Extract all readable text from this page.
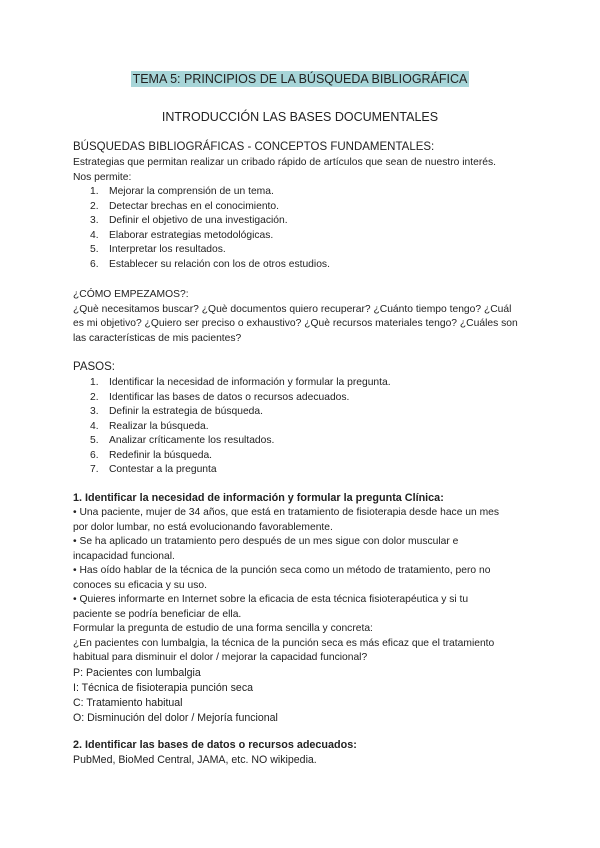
TEMA 5: PRINCIPIOS DE LA BÚSQUEDA BIBLIOGRÁFICA
INTRODUCCIÓN LAS BASES DOCUMENTALES

BÚSQUEDAS BIBLIOGRÁFICAS - CONCEPTOS FUNDAMENTALES:

Estrategias que permitan realizar un cribado rápido de artículos que sean de nuestro interés.

Nos permite:

1. Mejorar la comprensión de un tema.
2. Detectar brechas en el conocimiento.
3. Definir el objetivo de una investigación.
4. Elaborar estrategias metodológicas.
5. Interpretar los resultados.
6. Establecer su relación con los de otros estudios.

¿CÓMO EMPEZAMOS?:

¿Què necesitamos buscar? ¿Què documentos quiero recuperar? ¿Cuánto tiempo tengo? ¿Cuál

es mi objetivo? ¿Quiero ser preciso o exhaustivo? ¿Què recursos materiales tengo? ¿Cuáles son

las características de mis pacientes?

PASOS:

1. Identificar la necesidad de información y formular la pregunta.
2. Identificar las bases de datos o recursos adecuados.
3. Definir la estrategia de búsqueda.
4. Realizar la búsqueda.
5. Analizar críticamente los resultados.
6. Redefinir la búsqueda.
7. Contestar a la pregunta

1. Identificar la necesidad de información y formular la pregunta Clínica:

• Una paciente, mujer de 34 años, que está en tratamiento de fisioterapia desde hace un mes

por dolor lumbar, no está evolucionando favorablemente.

• Se ha aplicado un tratamiento pero después de un mes sigue con dolor muscular e

incapacidad funcional.

• Has oído hablar de la técnica de la punción seca como un método de tratamiento, pero no

conoces su eficacia y su uso.

• Quieres informarte en Internet sobre la eficacia de esta técnica fisioterapéutica y si tu

paciente se podría beneficiar de ella.

Formular la pregunta de estudio de una forma sencilla y concreta:

¿En pacientes con lumbalgia, la técnica de la punción seca es más eficaz que el tratamiento

habitual para disminuir el dolor / mejorar la capacidad funcional?

P: Pacientes con lumbalgia

I: Técnica de fisioterapia punción seca

C: Tratamiento habitual

O: Disminución del dolor / Mejoría funcional

2. Identificar las bases de datos o recursos adecuados:

PubMed, BioMed Central, JAMA, etc. NO wikipedia.
